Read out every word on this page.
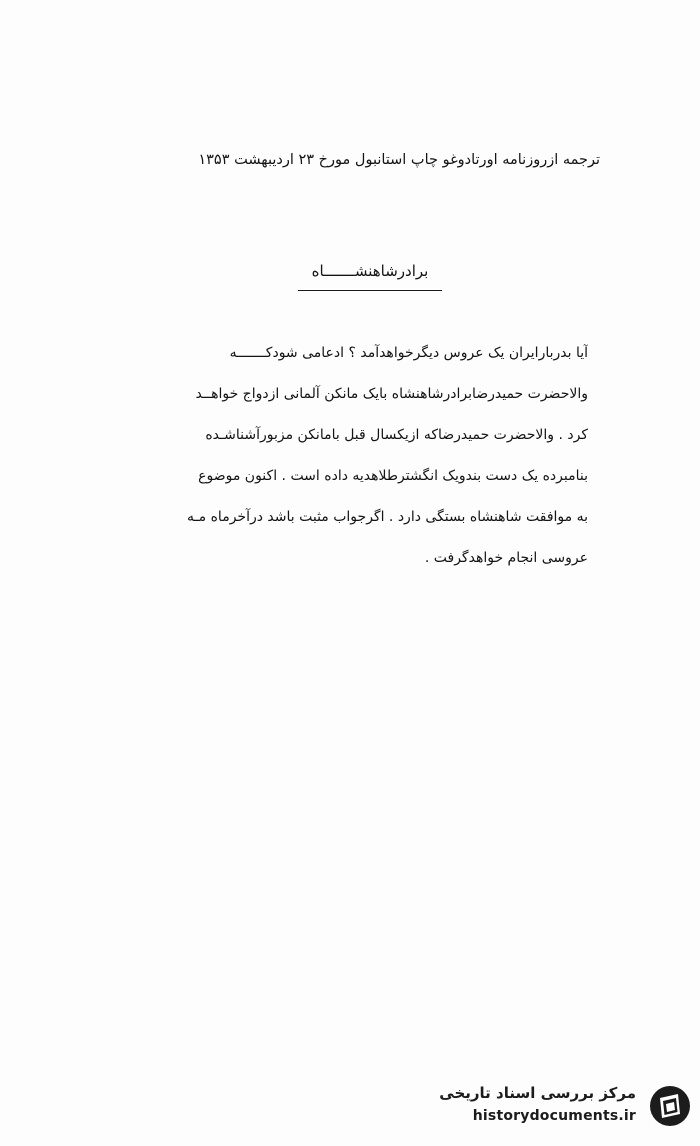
ترجمه ازروزنامه اورتادوغو چاپ استانبول مورخ ۲۳ اردیبهشت ۱۳۵۳
برادرشاهنشـــــــاه
آیا بدربارایران یک عروس دیگرخواهدآمد ؟ ادعامی شودکـــــــه
والاحضرت حمیدرضابرادرشاهنشاه بایک مانکن آلمانی ازدواج خواهــد
کرد . والاحضرت حمیدرضاکه ازیکسال قبل بامانکن مزبورآشناشـده
بنامبرده یک دست بندویک انگشترطلاهدیه داده است . اکنون موضوع
به موافقت شاهنشاه بستگی دارد . اگرجواب مثبت باشد درآخرماه مـه
عروسی انجام خواهدگرفت .
مرکز بررسی اسناد تاریخی
historydocuments.ir
